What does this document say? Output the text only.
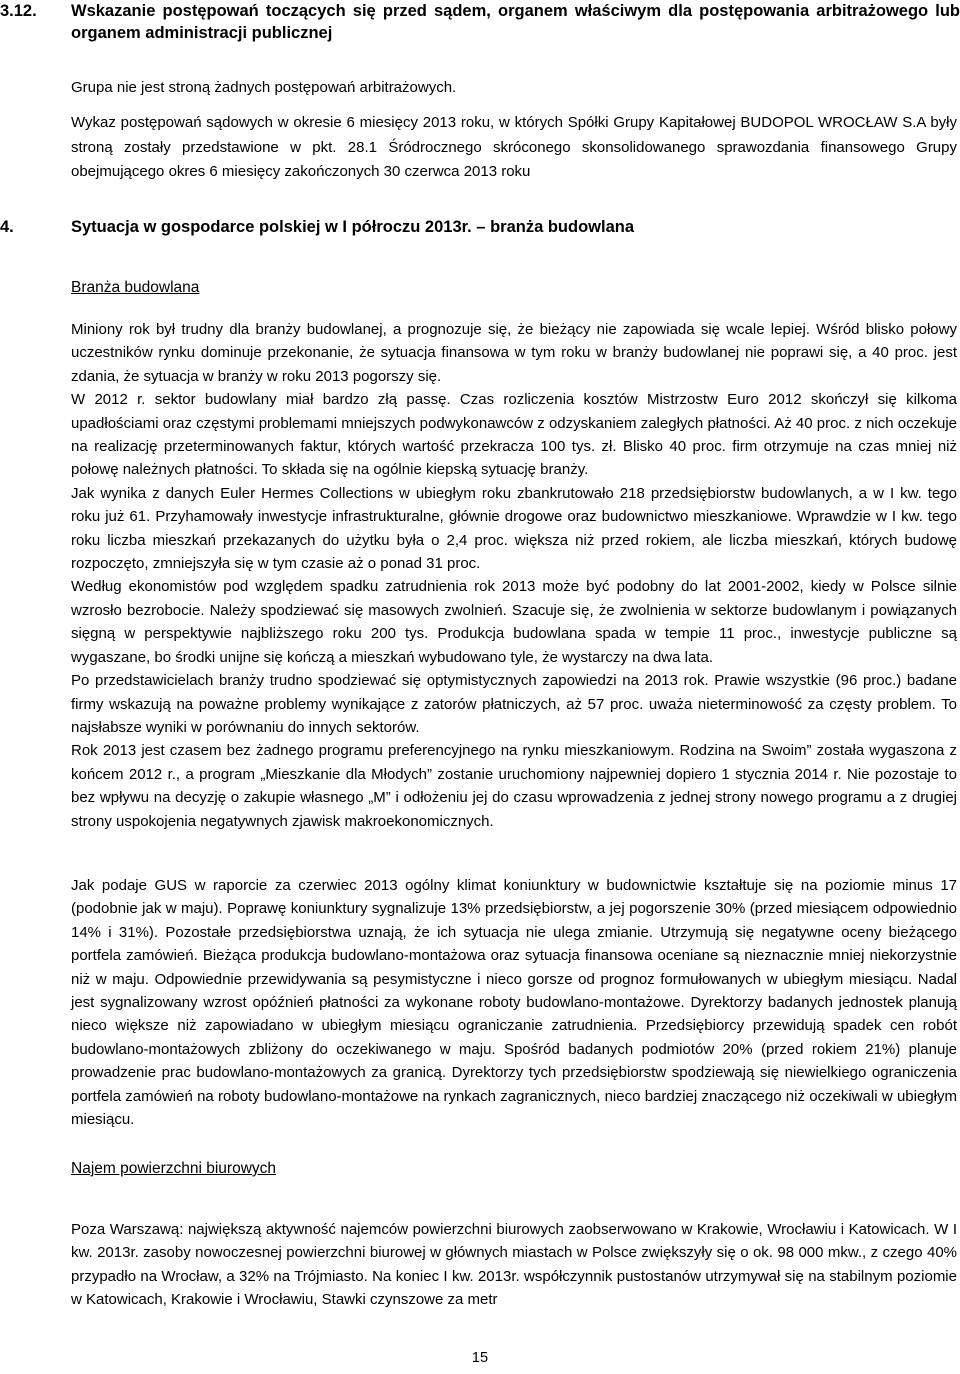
3.12. Wskazanie postępowań toczących się przed sądem, organem właściwym dla postępowania arbitrażowego lub organem administracji publicznej

Grupa nie jest stroną żadnych postępowań arbitrażowych.

Wykaz postępowań sądowych w okresie 6 miesięcy 2013 roku, w których Spółki Grupy Kapitałowej BUDOPOL WROCŁAW S.A były stroną zostały przedstawione w pkt. 28.1 Śródrocznego skróconego skonsolidowanego sprawozdania finansowego Grupy obejmującego okres 6 miesięcy zakończonych 30 czerwca 2013 roku

4.	Sytuacja w gospodarce polskiej w I półroczu 2013r. – branża budowlana
Branża budowlana

Miniony rok był trudny dla branży budowlanej, a prognozuje się, że bieżący nie zapowiada się wcale lepiej. Wśród blisko połowy uczestników rynku dominuje przekonanie, że sytuacja finansowa w tym roku w branży budowlanej nie poprawi się, a 40 proc. jest zdania, że sytuacja w branży w roku 2013 pogorszy się.

W 2012 r. sektor budowlany miał bardzo złą passę. Czas rozliczenia kosztów Mistrzostw Euro 2012 skończył się kilkoma upadłościami oraz częstymi problemami mniejszych podwykonawców z odzyskaniem zaległych płatności. Aż 40 proc. z nich oczekuje na realizację przeterminowanych faktur, których wartość przekracza 100 tys. zł. Blisko 40 proc. firm otrzymuje na czas mniej niż połowę należnych płatności. To składa się na ogólnie kiepską sytuację branży.

Jak wynika z danych Euler Hermes Collections w ubiegłym roku zbankrutowało 218 przedsiębiorstw budowlanych, a w I kw. tego roku już 61. Przyhamowały inwestycje infrastrukturalne, głównie drogowe oraz budownictwo mieszkaniowe. Wprawdzie w I kw. tego roku liczba mieszkań przekazanych do użytku była o 2,4 proc. większa niż przed rokiem, ale liczba mieszkań, których budowę rozpoczęto, zmniejszyła się w tym czasie aż o ponad 31 proc.

Według ekonomistów pod względem spadku zatrudnienia rok 2013 może być podobny do lat 2001-2002, kiedy w Polsce silnie wzrosło bezrobocie. Należy spodziewać się masowych zwolnień. Szacuje się, że zwolnienia w sektorze budowlanym i powiązanych sięgną w perspektywie najbliższego roku 200 tys. Produkcja budowlana spada w tempie 11 proc., inwestycje publiczne są wygaszane, bo środki unijne się kończą a mieszkań wybudowano tyle, że wystarczy na dwa lata.

Po przedstawicielach branży trudno spodziewać się optymistycznych zapowiedzi na 2013 rok. Prawie wszystkie (96 proc.) badane firmy wskazują na poważne problemy wynikające z zatorów płatniczych, aż 57 proc. uważa nieterminowość za częsty problem. To najsłabsze wyniki w porównaniu do innych sektorów.

Rok 2013 jest czasem bez żadnego programu preferencyjnego na rynku mieszkaniowym. Rodzina na Swoim” została wygaszona z końcem 2012 r., a program „Mieszkanie dla Młodych” zostanie uruchomiony najpewniej dopiero 1 stycznia 2014 r. Nie pozostaje to bez wpływu na decyzję o zakupie własnego „M” i odłożeniu jej do czasu wprowadzenia z jednej strony nowego programu a z drugiej strony uspokojenia negatywnych zjawisk makroekonomicznych.

Jak podaje GUS w raporcie za czerwiec 2013 ogólny klimat koniunktury w budownictwie kształtuje się na poziomie minus 17 (podobnie jak w maju). Poprawę koniunktury sygnalizuje 13% przedsiębiorstw, a jej pogorszenie 30% (przed miesiącem odpowiednio 14% i 31%). Pozostałe przedsiębiorstwa uznają, że ich sytuacja nie ulega zmianie. Utrzymują się negatywne oceny bieżącego portfela zamówień. Bieżąca produkcja budowlano-montażowa oraz sytuacja finansowa oceniane są nieznacznie mniej niekorzystnie niż w maju. Odpowiednie przewidywania są pesymistyczne i nieco gorsze od prognoz formułowanych w ubiegłym miesiącu. Nadal jest sygnalizowany wzrost opóźnień płatności za wykonane roboty budowlano-montażowe. Dyrektorzy badanych jednostek planują nieco większe niż zapowiadano w ubiegłym miesiącu ograniczanie zatrudnienia. Przedsiębiorcy przewidują spadek cen robót budowlano-montażowych zbliżony do oczekiwanego w maju. Spośród badanych podmiotów 20% (przed rokiem 21%) planuje prowadzenie prac budowlano-montażowych za granicą. Dyrektorzy tych przedsiębiorstw spodziewają się niewielkiego ograniczenia portfela zamówień na roboty budowlano-montażowe na rynkach zagranicznych, nieco bardziej znaczącego niż oczekiwali w ubiegłym miesiącu.

Najem powierzchni biurowych

Poza Warszawą: największą aktywność najemców powierzchni biurowych zaobserwowano w Krakowie, Wrocławiu i Katowicach. W I kw. 2013r. zasoby nowoczesnej powierzchni biurowej w głównych miastach w Polsce zwiększyły się o ok. 98 000 mkw., z czego 40% przypadło na Wrocław, a 32% na Trójmiasto. Na koniec I kw. 2013r. współczynnik pustostanów utrzymywał się na stabilnym poziomie w Katowicach, Krakowie i Wrocławiu, Stawki czynszowe za metr

15
